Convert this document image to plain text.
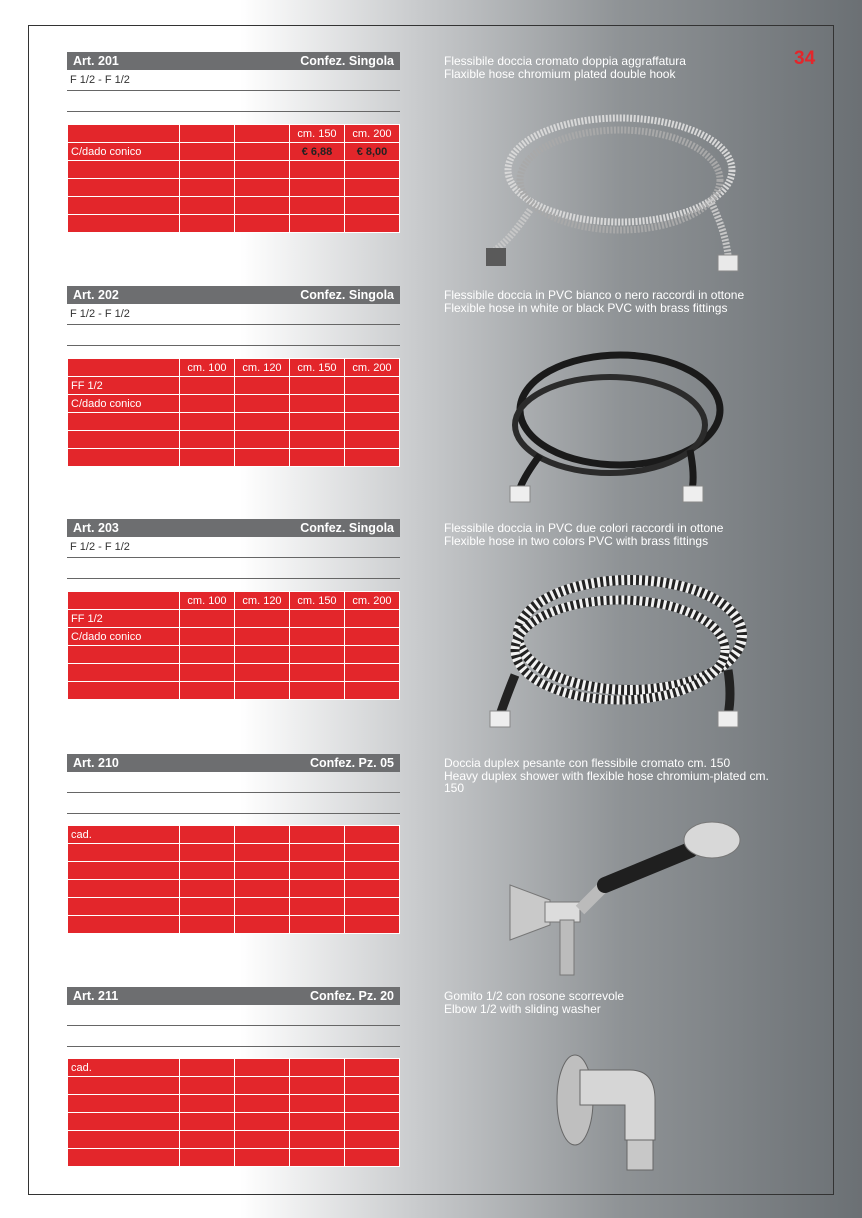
34
Art. 201	Confez. Singola
F 1/2 - F 1/2
			cm. 150	cm. 200
C/dado conico			€ 6,88	€ 8,00

Flessibile doccia cromato doppia aggraffatura
Flaxible hose chromium plated double hook
Art. 202	Confez. Singola
F 1/2 - F 1/2
	cm. 100	cm. 120	cm. 150	cm. 200
FF 1/2				
C/dado conico				

Flessibile doccia in PVC bianco o nero raccordi in ottone
Flexible hose in white or black PVC with brass fittings
Art. 203	Confez. Singola
F 1/2 - F 1/2
	cm. 100	cm. 120	cm. 150	cm. 200
FF 1/2				
C/dado conico				

Flessibile doccia in PVC due colori raccordi in ottone
Flexible hose in two colors PVC with brass fittings
Art. 210	Confez. Pz. 05
cad.				

Doccia duplex pesante con flessibile cromato cm. 150
Heavy duplex shower with flexible hose chromium-plated cm. 150
Art. 211	Confez. Pz. 20
cad.				

Gomito 1/2 con rosone scorrevole
Elbow 1/2 with sliding washer
